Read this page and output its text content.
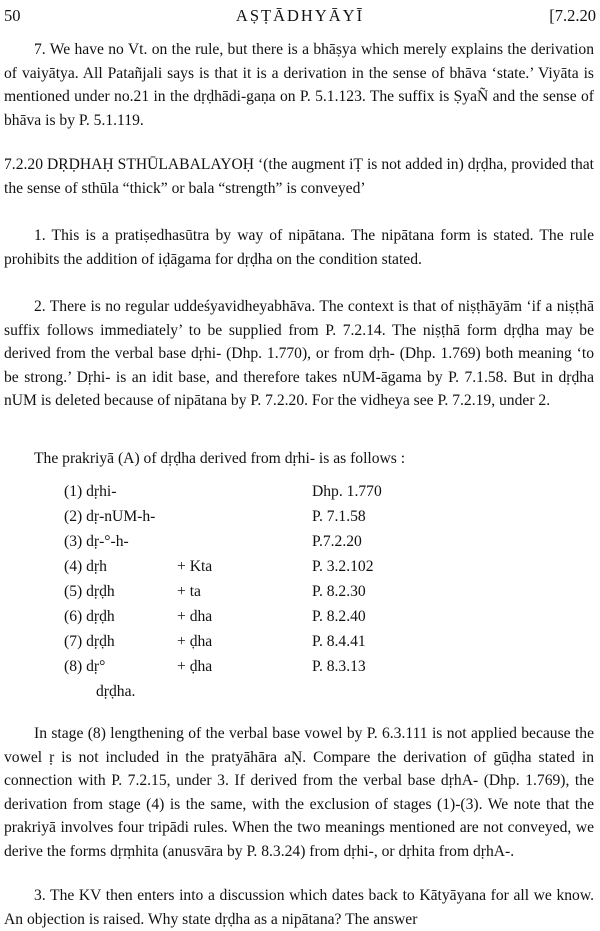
50	AṢṬĀDHYĀYĪ	[7.2.20

7. We have no Vt. on the rule, but there is a bhāṣya which merely explains the derivation of vaiyātya. All Patañjali says is that it is a derivation in the sense of bhāva ‘state.’ Viyāta is mentioned under no.21 in the dṛḍhādi-gaṇa on P. 5.1.123. The suffix is ṢyaÑ and the sense of bhāva is by P. 5.1.119.

7.2.20 DṚḌHAḤ STHŪLABALAYOḤ ‘(the augment iṬ is not added in) dṛḍha, provided that the sense of sthūla “thick” or bala “strength” is conveyed’

1. This is a pratiṣedhasūtra by way of nipātana. The nipātana form is stated. The rule prohibits the addition of iḍāgama for dṛḍha on the condition stated.

2. There is no regular uddeśyavidheyabhāva. The context is that of niṣṭhāyām ‘if a niṣṭhā suffix follows immediately’ to be supplied from P. 7.2.14. The niṣṭhā form dṛḍha may be derived from the verbal base dṛhi- (Dhp. 1.770), or from dṛh- (Dhp. 1.769) both meaning ‘to be strong.’ Dṛhi- is an idit base, and therefore takes nUM-āgama by P. 7.1.58. But in dṛḍha nUM is deleted because of nipātana by P. 7.2.20. For the vidheya see P. 7.2.19, under 2.

The prakriyā (A) of dṛḍha derived from dṛhi- is as follows :

(1) dṛhi-	Dhp. 1.770
(2) dṛ-nUM-h-	P. 7.1.58
(3) dṛ-°-h-	P.7.2.20
(4) dṛh	+ Kta	P. 3.2.102
(5) dṛḍh	+ ta	P. 8.2.30
(6) dṛḍh	+ dha	P. 8.2.40
(7) dṛḍh	+ ḍha	P. 8.4.41
(8) dṛ°	+ ḍha	P. 8.3.13
dṛḍha.

In stage (8) lengthening of the verbal base vowel by P. 6.3.111 is not applied because the vowel ṛ is not included in the pratyāhāra aṆ. Compare the derivation of gūḍha stated in connection with P. 7.2.15, under 3. If derived from the verbal base dṛhA- (Dhp. 1.769), the derivation from stage (4) is the same, with the exclusion of stages (1)-(3). We note that the prakriyā involves four tripādi rules. When the two meanings mentioned are not conveyed, we derive the forms dṛṃhita (anusvāra by P. 8.3.24) from dṛhi-, or dṛhita from dṛhA-.

3. The KV then enters into a discussion which dates back to Kātyāyana for all we know. An objection is raised. Why state dṛḍha as a nipātana? The answer
